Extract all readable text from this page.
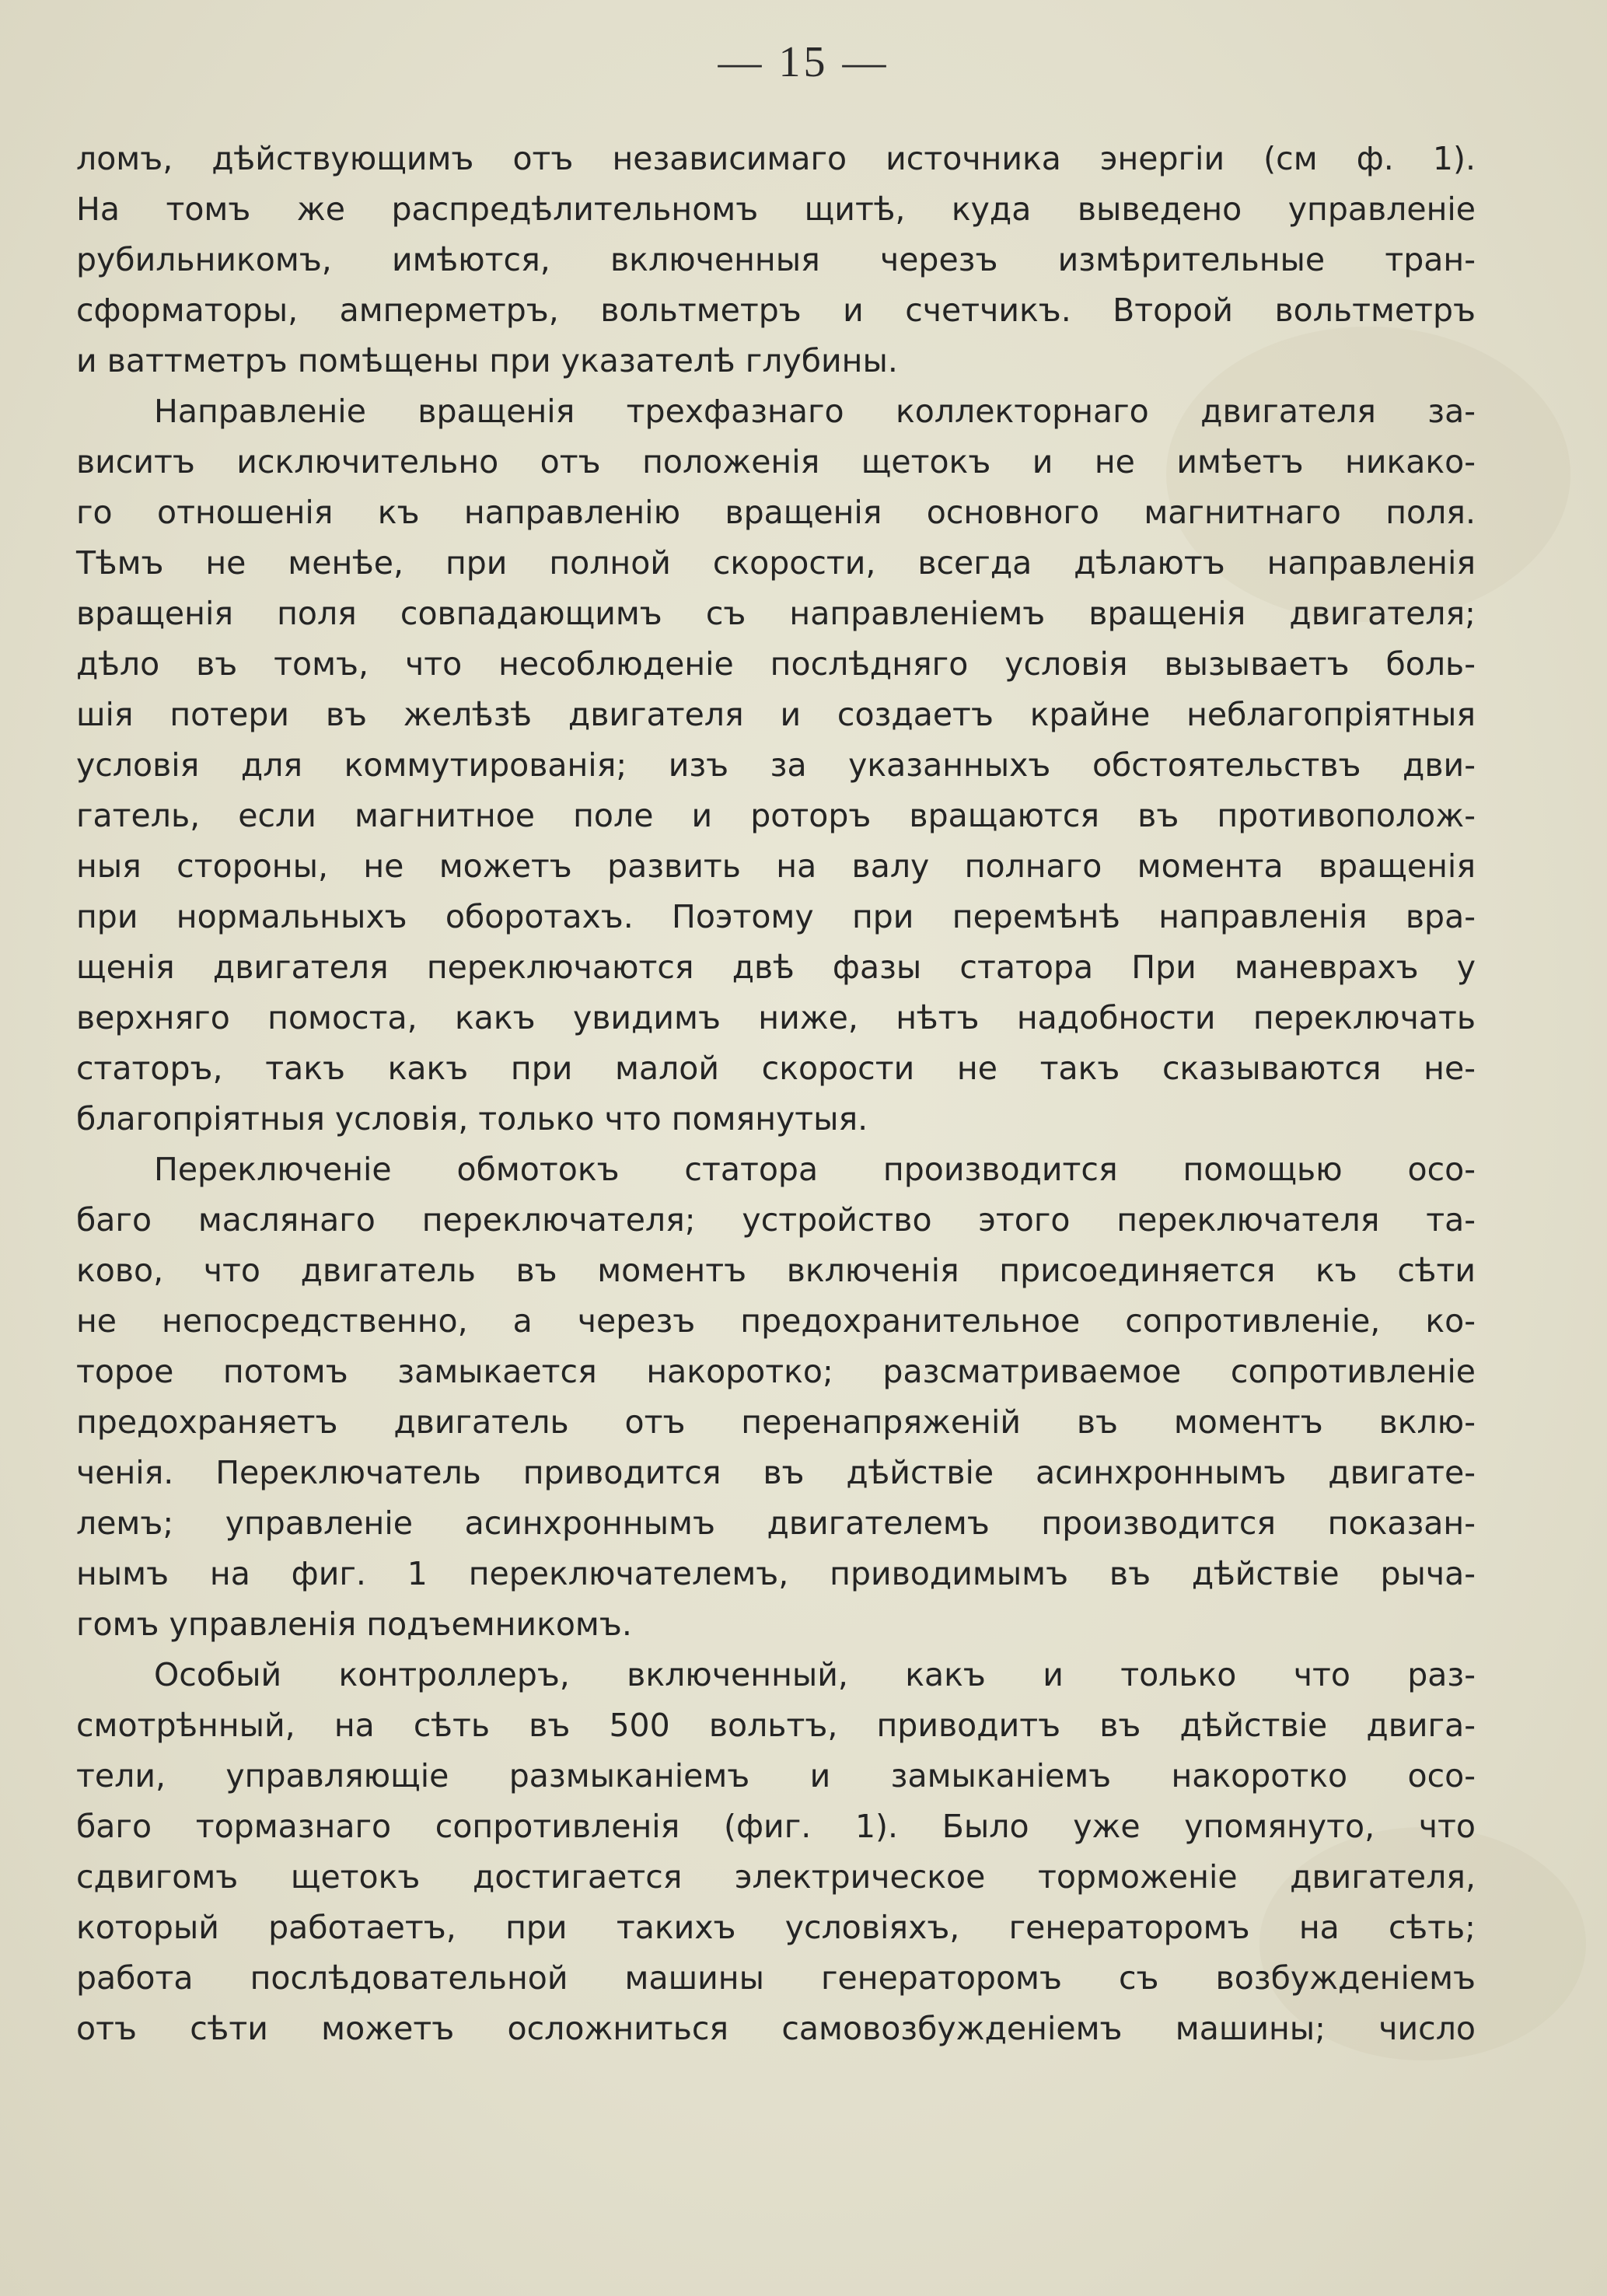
— 15 —
ломъ, дѣйствующимъ отъ независимаго источника энергіи (см ф. 1).
На томъ же распредѣлительномъ щитѣ, куда выведено управленіе
рубильникомъ, имѣются, включенныя черезъ измѣрительные тран-
сформаторы, амперметръ, вольтметръ и счетчикъ. Второй вольтметръ
и ваттметръ помѣщены при указателѣ глубины.
Направленіе вращенія трехфазнаго коллекторнаго двигателя за-
виситъ исключительно отъ положенія щетокъ и не имѣетъ никако-
го отношенія къ направленію вращенія основного магнитнаго поля.
Тѣмъ не менѣе, при полной скорости, всегда дѣлаютъ направленія
вращенія поля совпадающимъ съ направленіемъ вращенія двигателя;
дѣло въ томъ, что несоблюденіе послѣдняго условія вызываетъ боль-
шія потери въ желѣзѣ двигателя и создаетъ крайне неблагопріятныя
условія для коммутированія; изъ за указанныхъ обстоятельствъ дви-
гатель, если магнитное поле и роторъ вращаются въ противополож-
ныя стороны, не можетъ развить на валу полнаго момента вращенія
при нормальныхъ оборотахъ. Поэтому при перемѣнѣ направленія вра-
щенія двигателя переключаются двѣ фазы статора При маневрахъ у
верхняго помоста, какъ увидимъ ниже, нѣтъ надобности переключать
статоръ, такъ какъ при малой скорости не такъ сказываются не-
благопріятныя условія, только что помянутыя.
Переключеніе обмотокъ статора производится помощью осо-
баго маслянаго переключателя; устройство этого переключателя та-
ково, что двигатель въ моментъ включенія присоединяется къ сѣти
не непосредственно, а черезъ предохранительное сопротивленіе, ко-
торое потомъ замыкается накоротко; разсматриваемое сопротивленіе
предохраняетъ двигатель отъ перенапряженій въ моментъ вклю-
ченія. Переключатель приводится въ дѣйствіе асинхроннымъ двигате-
лемъ; управленіе асинхроннымъ двигателемъ производится показан-
нымъ на фиг. 1 переключателемъ, приводимымъ въ дѣйствіе рыча-
гомъ управленія подъемникомъ.
Особый контроллеръ, включенный, какъ и только что раз-
смотрѣнный, на сѣть въ 500 вольтъ, приводитъ въ дѣйствіе двига-
тели, управляющіе размыканіемъ и замыканіемъ накоротко осо-
баго тормазнаго сопротивленія (фиг. 1). Было уже упомянуто, что
сдвигомъ щетокъ достигается электрическое торможеніе двигателя,
который работаетъ, при такихъ условіяхъ, генераторомъ на сѣть;
работа послѣдовательной машины генераторомъ съ возбужденіемъ
отъ сѣти можетъ осложниться самовозбужденіемъ машины; число
